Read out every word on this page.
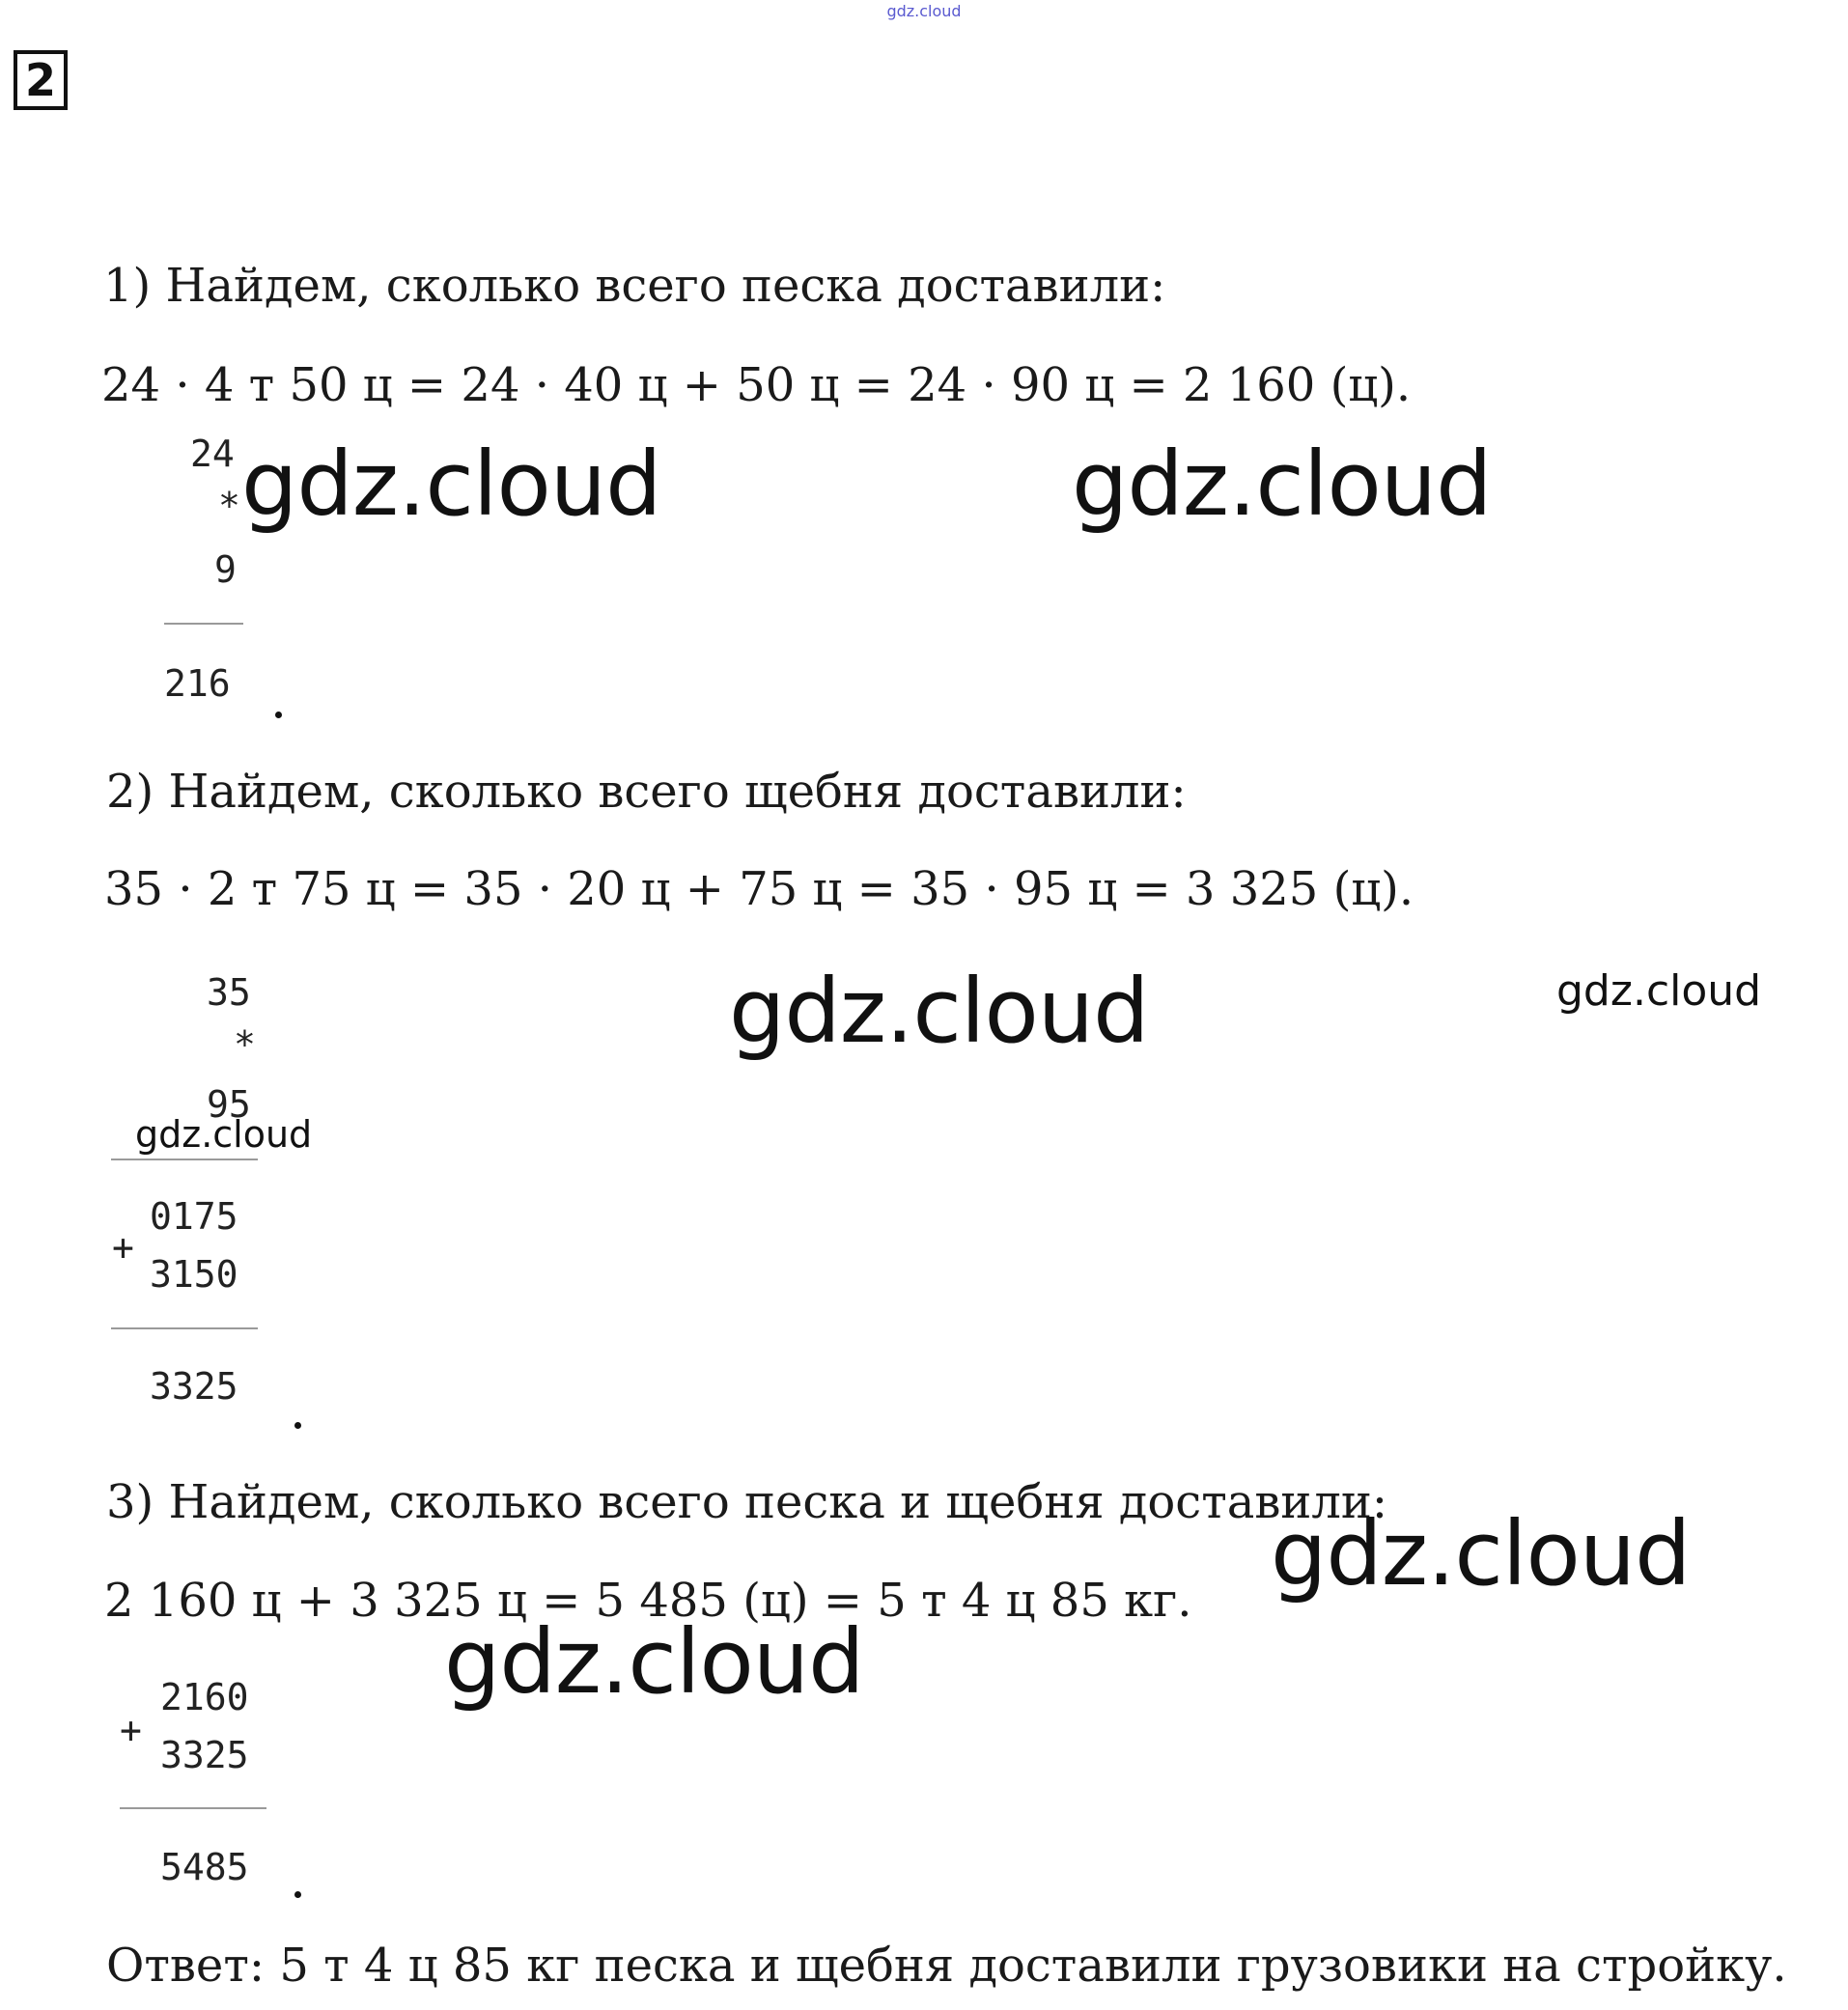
gdz.cloud
2
1) Найдем, сколько всего песка доставили:
24 · 4 т 50 ц = 24 · 40 ц + 50 ц = 24 · 90 ц = 2 160 (ц).
24
*
9
216
2) Найдем, сколько всего щебня доставили:
35 · 2 т 75 ц = 35 · 20 ц + 75 ц = 35 · 95 ц = 3 325 (ц).
35
*
95
0175
+
3150
3325
3) Найдем, сколько всего песка и щебня доставили:
2 160 ц + 3 325 ц = 5 485 (ц) = 5 т 4 ц 85 кг.
+
2160
3325
5485
Ответ: 5 т 4 ц 85 кг песка и щебня доставили грузовики на стройку.
gdz.cloud	gdz.cloud
gdz.cloud	gdz.cloud
gdz.cloud
gdz.cloud
gdz.cloud
